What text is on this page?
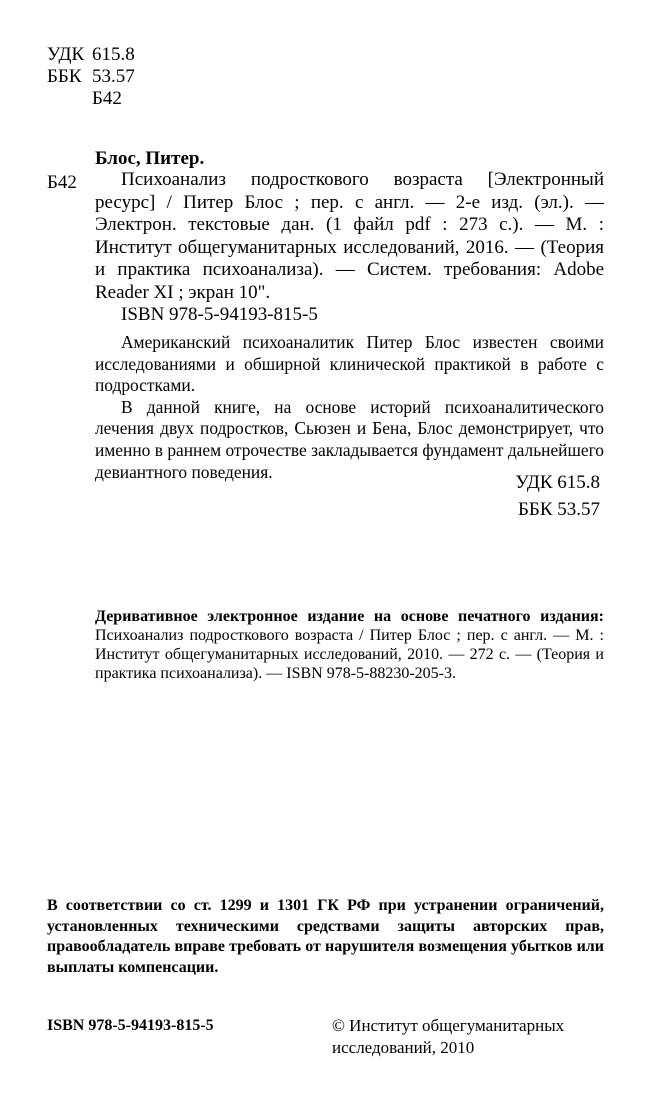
УДК 615.8
ББК 53.57
Б42
Блос, Питер.
Б42	Психоанализ подросткового возраста [Электронный ресурс] / Питер Блос ; пер. с англ. — 2-е изд. (эл.). — Электрон. текстовые дан. (1 файл pdf : 273 с.). — М. : Институт общегуманитарных исследований, 2016. — (Теория и практика психоанализа). — Систем. требования: Adobe Reader XI ; экран 10".

ISBN 978-5-94193-815-5

Американский психоаналитик Питер Блос известен своими исследованиями и обширной клинической практикой в работе с подростками.

В данной книге, на основе историй психоаналитического лечения двух подростков, Сьюзен и Бена, Блос демонстрирует, что именно в раннем отрочестве закладывается фундамент дальнейшего девиантного поведения.

УДК 615.8
ББК 53.57
Деривативное электронное издание на основе печатного издания: Психоанализ подросткового возраста / Питер Блос ; пер. с англ. — М. : Институт общегуманитарных исследований, 2010. — 272 с. — (Теория и практика психоанализа). — ISBN 978-5-88230-205-3.
В соответствии со ст. 1299 и 1301 ГК РФ при устранении ограничений, установленных техническими средствами защиты авторских прав, правообладатель вправе требовать от нарушителя возмещения убытков или выплаты компенсации.
ISBN 978-5-94193-815-5	© Институт общегуманитарных
исследований, 2010
